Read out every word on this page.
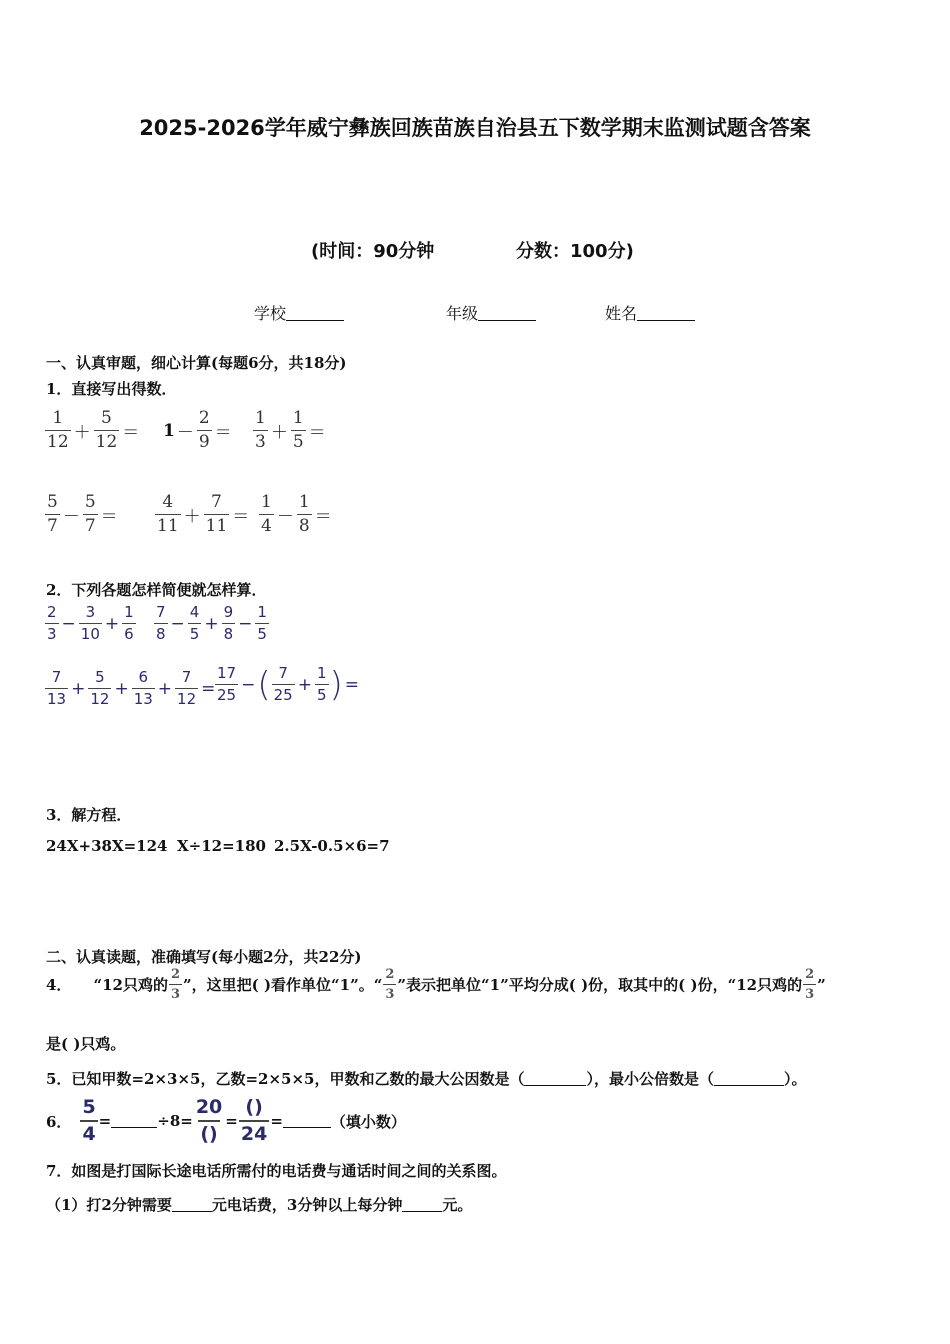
2025-2026学年威宁彝族回族苗族自治县五下数学期末监测试题含答案
(时间：90分钟	分数：100分)
学校	年级	姓名
一、认真审题，细心计算(每题6分，共18分)
1．直接写出得数．
$\frac{1}{12} + \frac{5}{12} = 1 - \frac{2}{9} = \frac{1}{3} + \frac{1}{5}$ ＝
$\frac{5}{7} - \frac{5}{7} = \frac{4}{11} + \frac{7}{11} = \frac{1}{4} - \frac{1}{8}$ ＝
2．下列各题怎样简便就怎样算．
$\frac{2}{3} - \frac{3}{10} + \frac{1}{6} \frac{7}{8} - \frac{4}{5} + \frac{9}{8} - \frac{1}{5}$
$\frac{7}{13} + \frac{5}{12} + \frac{6}{13} + \frac{7}{12} = \frac{17}{25}$ − ( $\frac{7}{25} + \frac{1}{5}$ ) =
3．解方程．
24X+38X=124 X÷12=180 2.5X-0.5×6=7
二、认真读题，准确填写(每小题2分，共22分)
4． “12只鸡的 $\frac{2}{3}$ ”，这里把( )看作单位“1”。“ $\frac{2}{3}$ ”表示把单位“1”平均分成( )份，取其中的( )份，“12只鸡的 $\frac{2}{3}$ ”
是( )只鸡。
5．已知甲数=2×3×5，乙数=2×5×5，甲数和乙数的最大公因数是（	），最小公倍数是（	）。
6． $\frac{5}{4}$ =	$\div 8= \frac{20}{()} = \frac{()}{24}$ =	（填小数）
7．如图是打国际长途电话所需付的电话费与通话时间之间的关系图。
（1）打2分钟需要	元电话费，3分钟以上每分钟	元。
